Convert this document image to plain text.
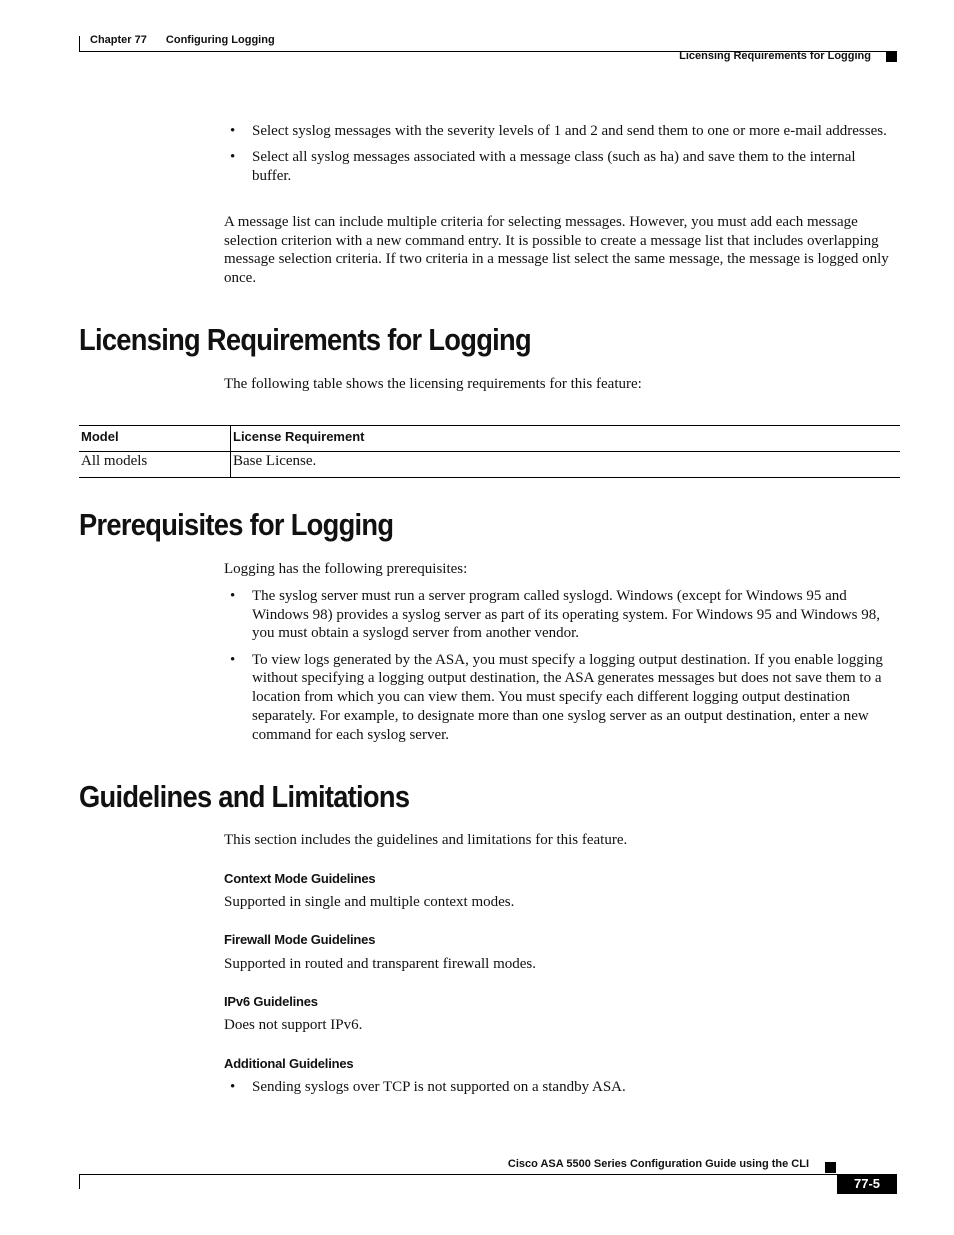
Chapter 77 Configuring Logging
Licensing Requirements for Logging
• Select syslog messages with the severity levels of 1 and 2 and send them to one or more e-mail addresses.
• Select all syslog messages associated with a message class (such as ha) and save them to the internal buffer.

A message list can include multiple criteria for selecting messages. However, you must add each message selection criterion with a new command entry. It is possible to create a message list that includes overlapping message selection criteria. If two criteria in a message list select the same message, the message is logged only once.

Licensing Requirements for Logging

The following table shows the licensing requirements for this feature:

Model	License Requirement
All models	Base License.
Prerequisites for Logging

Logging has the following prerequisites:

• The syslog server must run a server program called syslogd. Windows (except for Windows 95 and Windows 98) provides a syslog server as part of its operating system. For Windows 95 and Windows 98, you must obtain a syslogd server from another vendor.
• To view logs generated by the ASA, you must specify a logging output destination. If you enable logging without specifying a logging output destination, the ASA generates messages but does not save them to a location from which you can view them. You must specify each different logging output destination separately. For example, to designate more than one syslog server as an output destination, enter a new command for each syslog server.
Guidelines and Limitations

This section includes the guidelines and limitations for this feature.

Context Mode Guidelines

Supported in single and multiple context modes.

Firewall Mode Guidelines

Supported in routed and transparent firewall modes.

IPv6 Guidelines

Does not support IPv6.

Additional Guidelines
• Sending syslogs over TCP is not supported on a standby ASA.
Cisco ASA 5500 Series Configuration Guide using the CLI
77-5
